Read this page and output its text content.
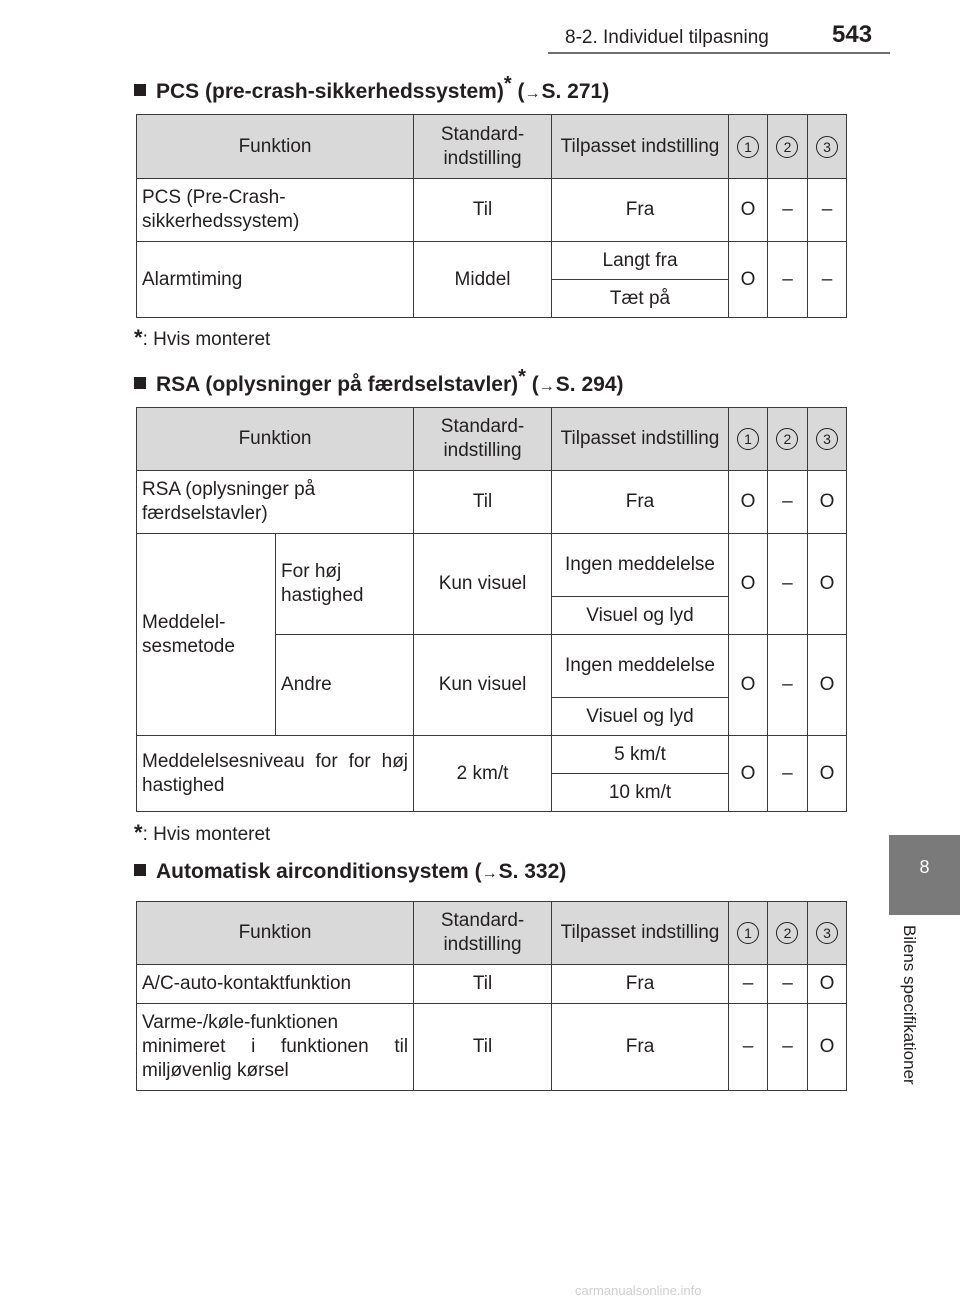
8-2. Individuel tilpasning	543
8
Bilens specifikationer
PCS (pre-crash-sikkerhedssystem)* (→ S. 271)
Funktion	Standard-indstilling	Tilpasset indstilling	1	2	3
PCS (Pre-Crash-sikkerhedssystem)	Til	Fra	O	–	–
Alarmtiming	Middel	Langt fra	O	–	–
		Tæt på			
*: Hvis monteret
RSA (oplysninger på færdselstavler)* (→ S. 294)
Funktion		Standard-indstilling	Tilpasset indstilling	1	2	3
RSA (oplysninger på færdselstavler)		Til	Fra	O	–	O
Meddelel-sesmetode	For høj hastighed	Kun visuel	Ingen meddelelse	O	–	O
			Visuel og lyd			
	Andre	Kun visuel	Ingen meddelelse	O	–	O
			Visuel og lyd			
Meddelelsesniveau for for høj hastighed		2 km/t	5 km/t	O	–	O
			10 km/t			
*: Hvis monteret
Automatisk airconditionsystem (→ S. 332)
Funktion	Standard-indstilling	Tilpasset indstilling	1	2	3
A/C-auto-kontaktfunktion	Til	Fra	–	–	O
Varme-/køle-funktionen minimeret i funktionen til miljøvenlig kørsel	Til	Fra	–	–	O
carmanualsonline.info
